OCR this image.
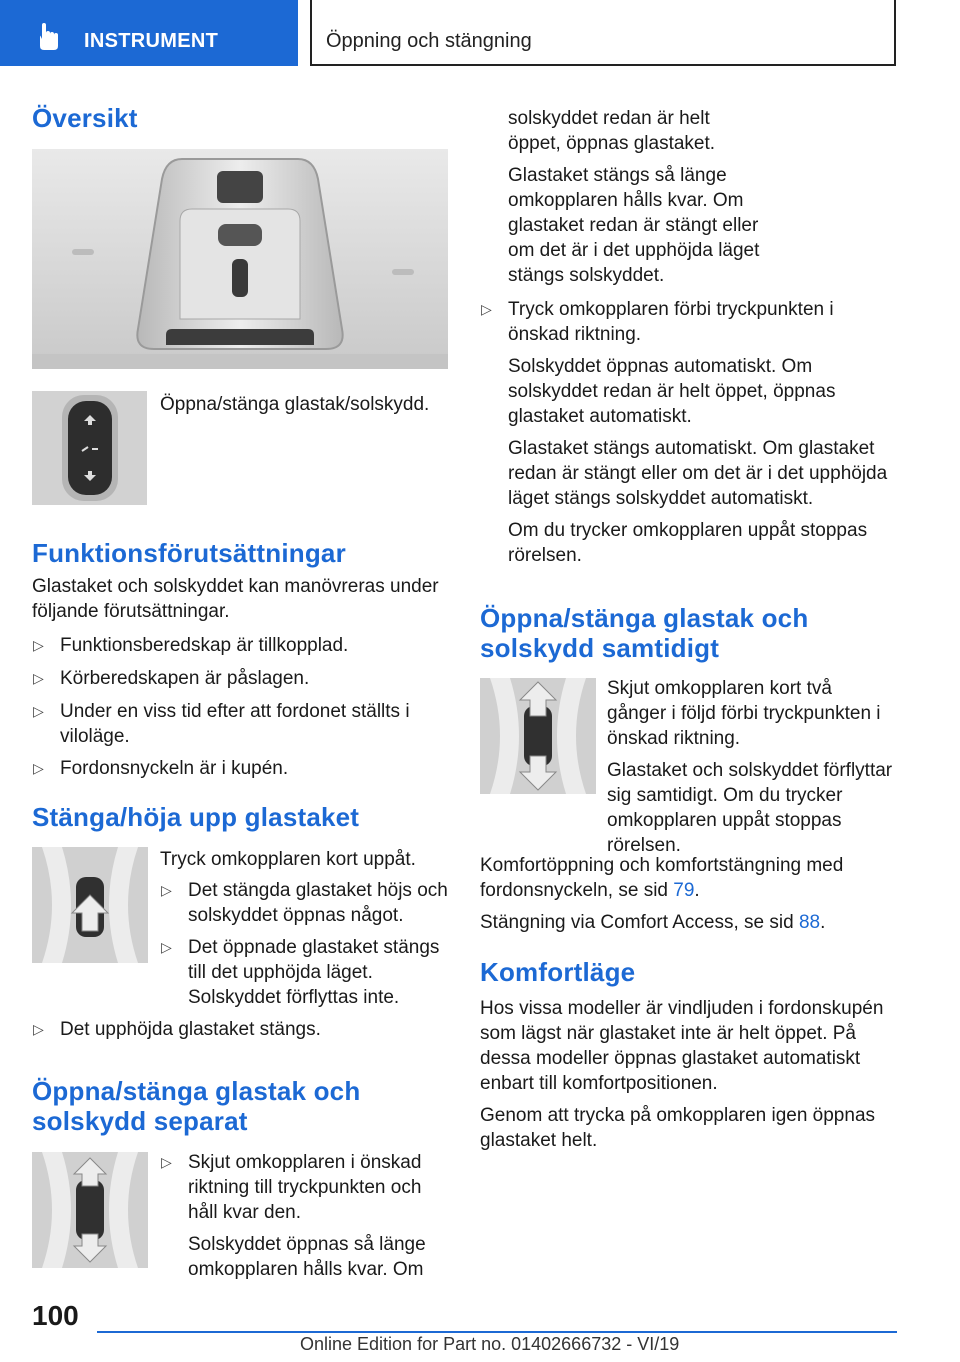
INSTRUMENT	Öppning och stängning
Översikt

Öppna/stänga glastak/solskydd.

Funktionsförutsättningar

Glastaket och solskyddet kan manövreras under följande förutsättningar.

▷ Funktionsberedskap är tillkopplad.
▷ Körberedskapen är påslagen.
▷ Under en viss tid efter att fordonet ställts i viloläge.
▷ Fordonsnyckeln är i kupén.
Stänga/höja upp glastaket

Tryck omkopplaren kort uppåt.

▷ Det stängda glastaket höjs och solskyddet öppnas något.
▷ Det öppnade glastaket stängs till det upphöjda läget. Solskyddet förflyttas inte.
▷ Det upphöjda glastaket stängs.
Öppna/stänga glastak och
solskydd separat
▷ Skjut omkopplaren i önskad riktning till tryckpunkten och håll kvar den.

Solskyddet öppnas så länge omkopplaren hålls kvar. Om

solskyddet redan är helt öppet, öppnas glastaket.

Glastaket stängs så länge omkopplaren hålls kvar. Om glastaket redan är stängt eller om det är i det upphöjda läget stängs solskyddet.

▷ Tryck omkopplaren förbi tryckpunkten i önskad riktning.

Solskyddet öppnas automatiskt. Om solskyddet redan är helt öppet, öppnas glastaket automatiskt.

Glastaket stängs automatiskt. Om glastaket redan är stängt eller om det är i det upphöjda läget stängs solskyddet automatiskt.

Om du trycker omkopplaren uppåt stoppas rörelsen.

Öppna/stänga glastak och
solskydd samtidigt

Skjut omkopplaren kort två gånger i följd förbi tryckpunkten i önskad riktning.

Glastaket och solskyddet förflyttar sig samtidigt. Om du trycker omkopplaren uppåt stoppas rörelsen.

Komfortöppning och komfortstängning med fordonsnyckeln, se sid 79.

Stängning via Comfort Access, se sid 88.

Komfortläge

Hos vissa modeller är vindljuden i fordonskupén som lägst när glastaket inte är helt öppet. På dessa modeller öppnas glastaket automatiskt enbart till komfortpositionen.

Genom att trycka på omkopplaren igen öppnas glastaket helt.

100
Online Edition for Part no. 01402666732 - VI/19
